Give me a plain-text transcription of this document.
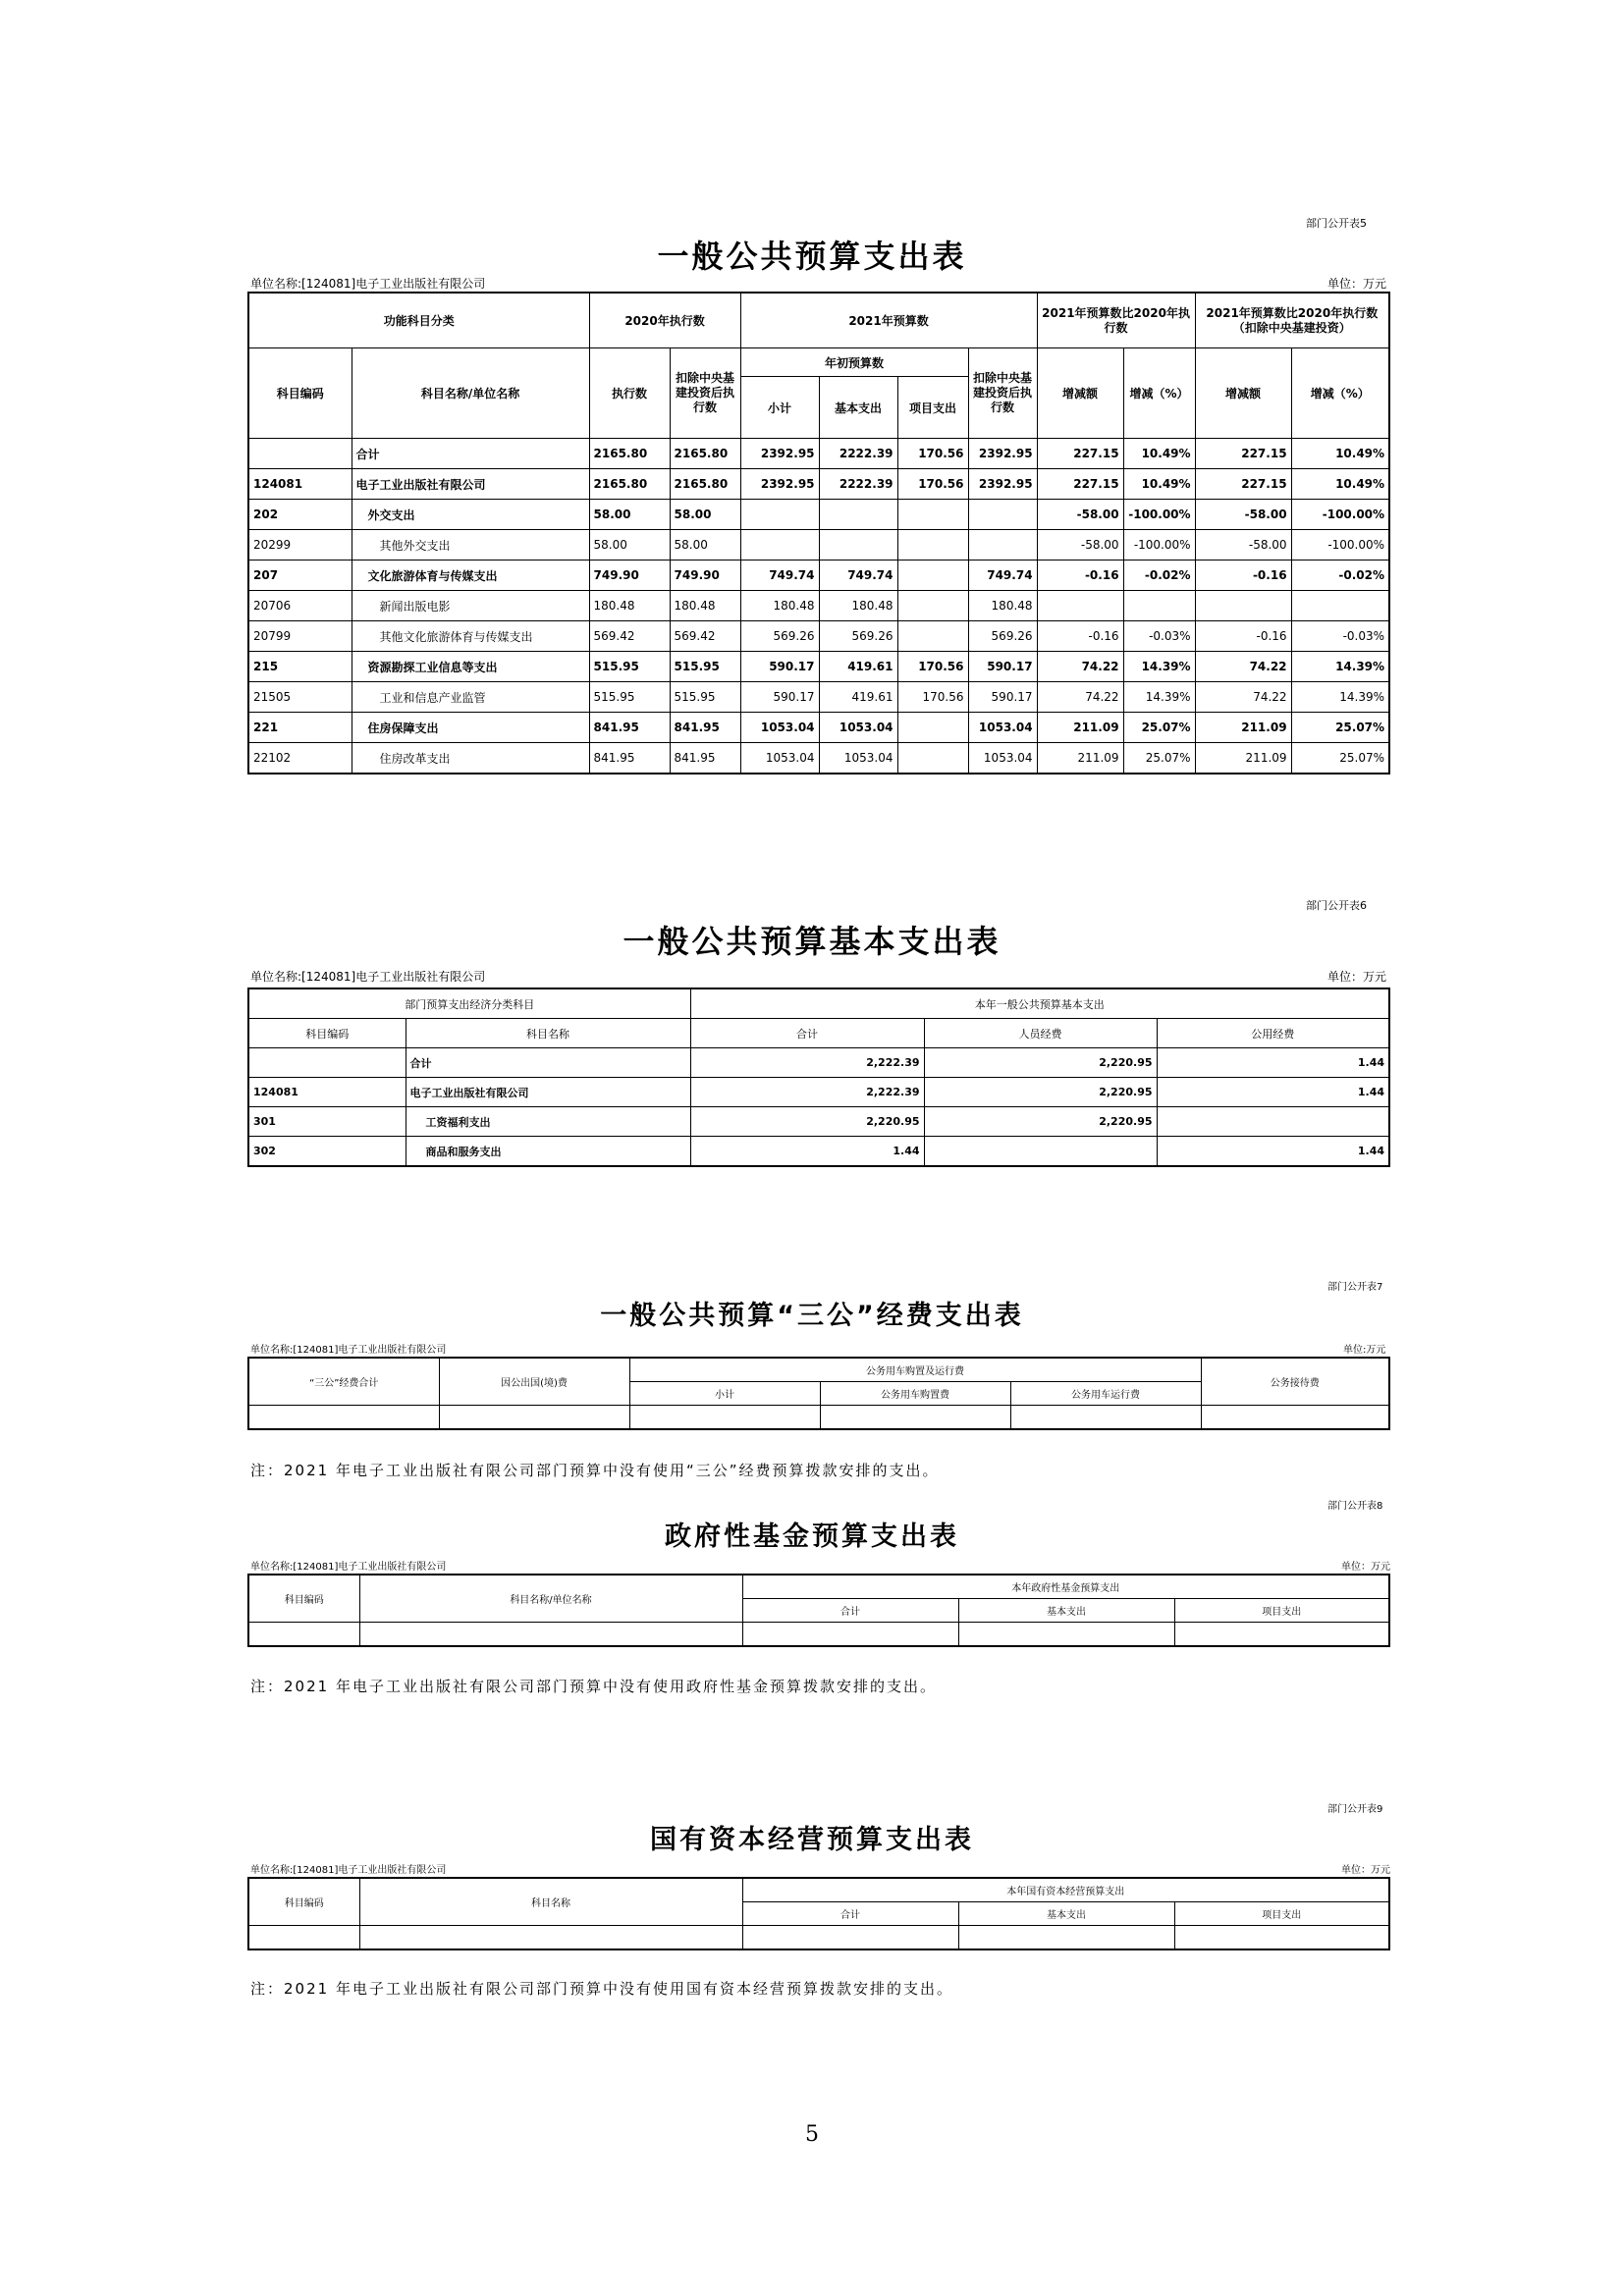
部门公开表5
一般公共预算支出表
单位名称:[124081]电子工业出版社有限公司	单位：万元
功能科目分类		2020年执行数		2021年预算数				2021年预算数比2020年执行数		2021年预算数比2020年执行数（扣除中央基建投资）	
科目编码	科目名称/单位名称	执行数	扣除中央基建投资后执行数	年初预算数			扣除中央基建投资后执行数	增减额	增减（%）	增减额	增减（%）
				小计	基本支出	项目支出					
	合计	2165.80	2165.80	2392.95	2222.39	170.56	2392.95	227.15	10.49%	227.15	10.49%
124081	电子工业出版社有限公司	2165.80	2165.80	2392.95	2222.39	170.56	2392.95	227.15	10.49%	227.15	10.49%
202	外交支出	58.00	58.00					-58.00	-100.00%	-58.00	-100.00%
20299	其他外交支出	58.00	58.00					-58.00	-100.00%	-58.00	-100.00%
207	文化旅游体育与传媒支出	749.90	749.90	749.74	749.74		749.74	-0.16	-0.02%	-0.16	-0.02%
20706	新闻出版电影	180.48	180.48	180.48	180.48		180.48				
20799	其他文化旅游体育与传媒支出	569.42	569.42	569.26	569.26		569.26	-0.16	-0.03%	-0.16	-0.03%
215	资源勘探工业信息等支出	515.95	515.95	590.17	419.61	170.56	590.17	74.22	14.39%	74.22	14.39%
21505	工业和信息产业监管	515.95	515.95	590.17	419.61	170.56	590.17	74.22	14.39%	74.22	14.39%
221	住房保障支出	841.95	841.95	1053.04	1053.04		1053.04	211.09	25.07%	211.09	25.07%
22102	住房改革支出	841.95	841.95	1053.04	1053.04		1053.04	211.09	25.07%	211.09	25.07%
部门公开表6
一般公共预算基本支出表
单位名称:[124081]电子工业出版社有限公司	单位：万元
部门预算支出经济分类科目		本年一般公共预算基本支出		
科目编码	科目名称	合计	人员经费	公用经费
	合计	2,222.39	2,220.95	1.44
124081	电子工业出版社有限公司	2,222.39	2,220.95	1.44
301	工资福利支出	2,220.95	2,220.95	
302	商品和服务支出	1.44		1.44
部门公开表7
一般公共预算“三公”经费支出表
单位名称:[124081]电子工业出版社有限公司	单位:万元
“三公”经费合计	因公出国(境)费	公务用车购置及运行费			公务接待费
		小计	公务用车购置费	公务用车运行费	

注：2021 年电子工业出版社有限公司部门预算中没有使用“三公”经费预算拨款安排的支出。
部门公开表8
政府性基金预算支出表
单位名称:[124081]电子工业出版社有限公司	单位：万元
科目编码	科目名称/单位名称	本年政府性基金预算支出		
		合计	基本支出	项目支出

注：2021 年电子工业出版社有限公司部门预算中没有使用政府性基金预算拨款安排的支出。
部门公开表9
国有资本经营预算支出表
单位名称:[124081]电子工业出版社有限公司	单位：万元
科目编码	科目名称	本年国有资本经营预算支出		
		合计	基本支出	项目支出

注：2021 年电子工业出版社有限公司部门预算中没有使用国有资本经营预算拨款安排的支出。
5
